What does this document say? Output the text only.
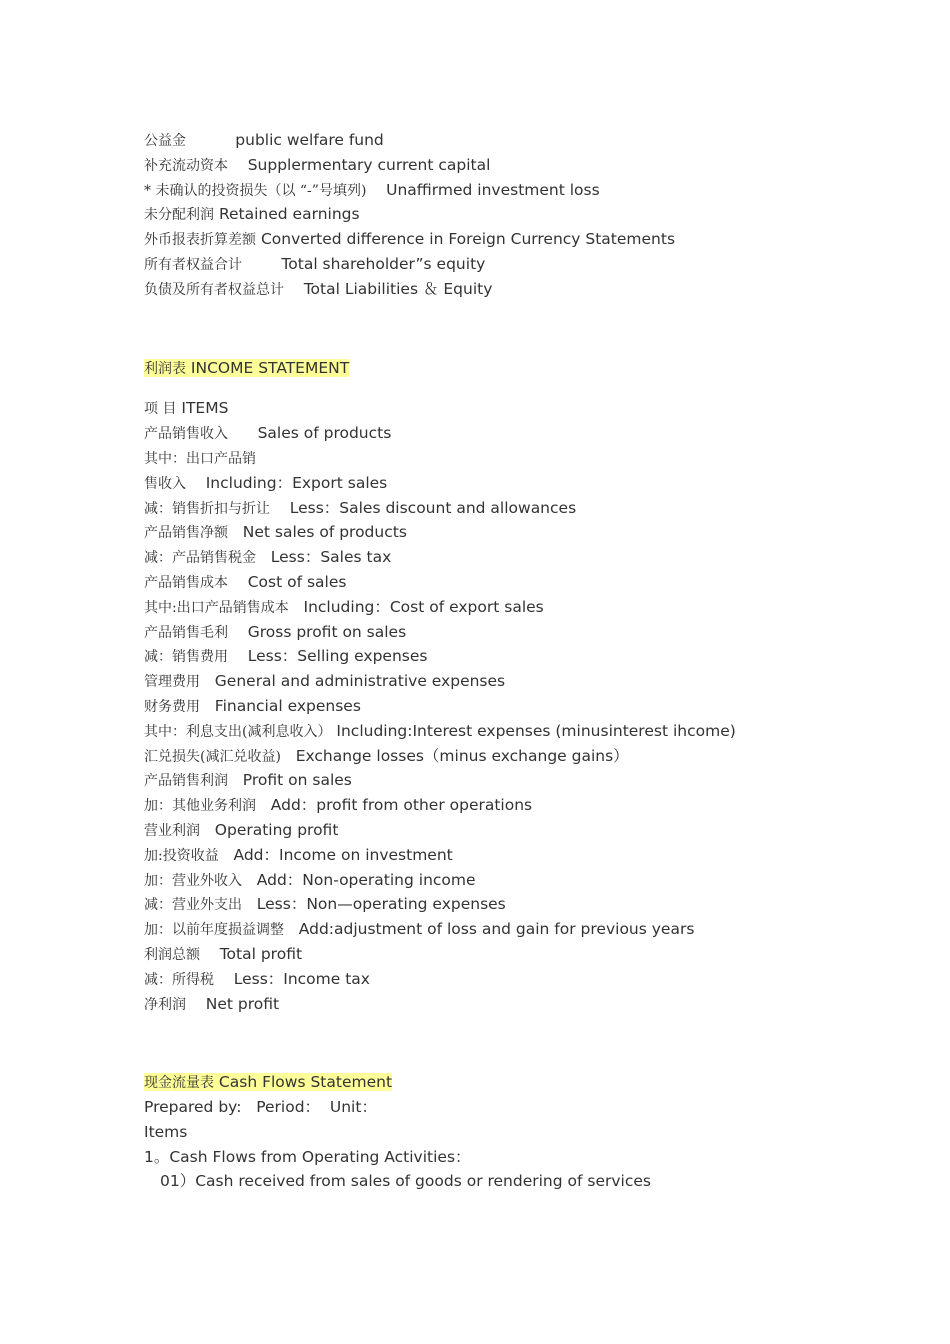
公益金	public welfare fund
补充流动资本 Supplermentary current capital
* 未确认的投资损失（以 “-”号填列) Unaffirmed investment loss
未分配利润 Retained earnings
外币报表折算差额 Converted difference in Foreign Currency Statements
所有者权益合计	Total shareholder”s equity
负债及所有者权益总计 Total Liabilities ＆ Equity
利润表 INCOME STATEMENT
项 目 ITEMS
产品销售收入 Sales of products
其中：出口产品销
售收入 Including：Export sales
减：销售折扣与折让 Less：Sales discount and allowances
产品销售净额 Net sales of products
减：产品销售税金 Less：Sales tax
产品销售成本 Cost of sales
其中:出口产品销售成本 Including：Cost of export sales
产品销售毛利 Gross profit on sales
减：销售费用 Less：Selling expenses
管理费用 General and administrative expenses
财务费用 Financial expenses
其中：利息支出(减利息收入） Including:Interest expenses (minusinterest ihcome)
汇兑损失(减汇兑收益) Exchange losses（minus exchange gains）
产品销售利润 Profit on sales
加：其他业务利润 Add：profit from other operations
营业利润 Operating profit
加:投资收益 Add：Income on investment
加：营业外收入 Add：Non-operating income
减：营业外支出 Less：Non—operating expenses
加：以前年度损益调整 Add:adjustment of loss and gain for previous years
利润总额 Total profit
减：所得税 Less：Income tax
净利润 Net profit
现金流量表 Cash Flows Statement
Prepared by:   Period：  Unit：
Items
1。Cash Flows from Operating Activities：
01）Cash received from sales of goods or rendering of services
